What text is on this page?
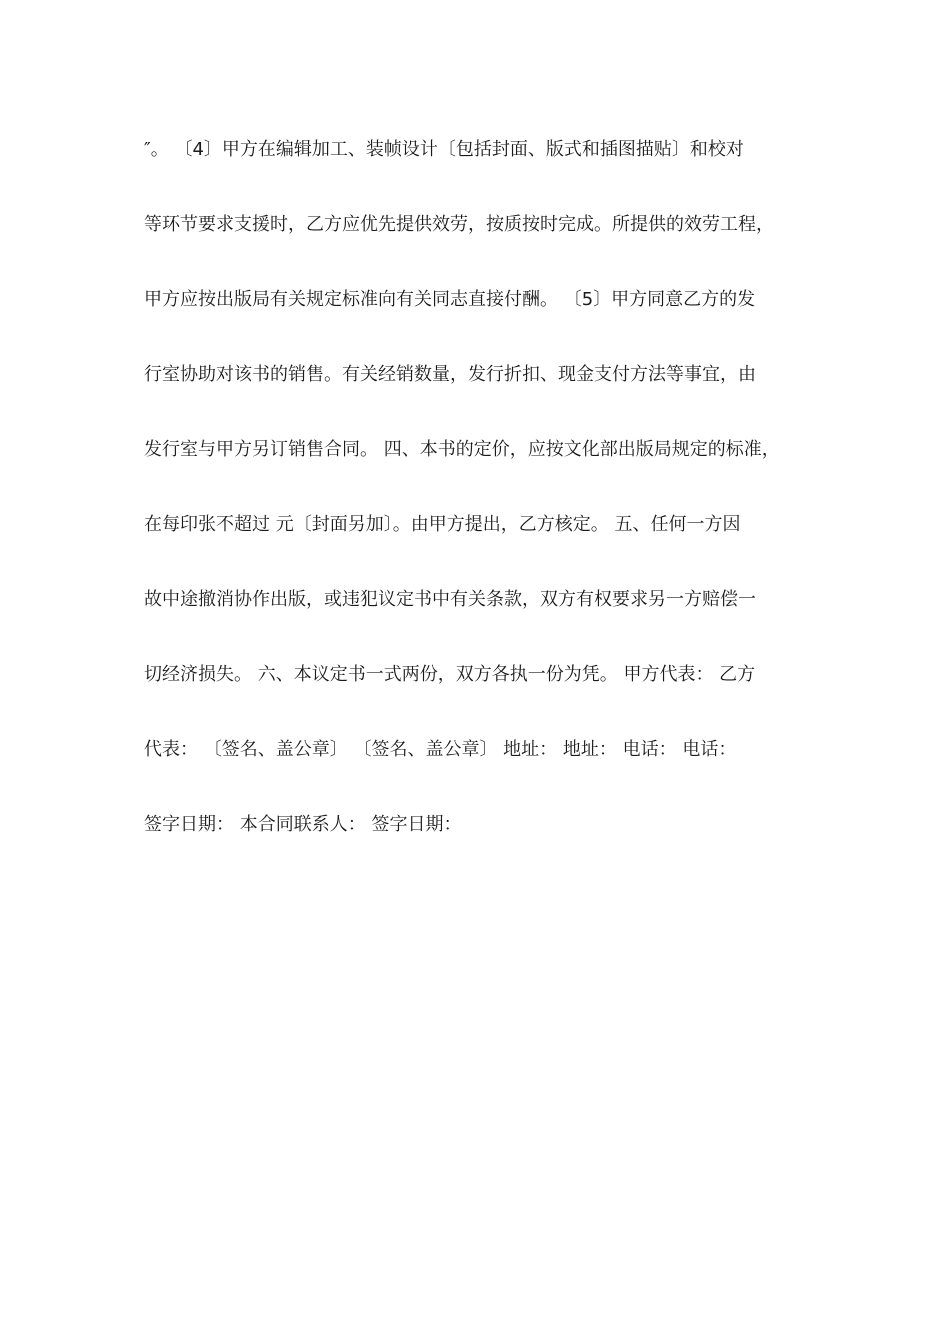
″。 〔4〕甲方在编辑加工、装帧设计〔包括封面、版式和插图描贴〕和校对
等环节要求支援时，乙方应优先提供效劳，按质按时完成。所提供的效劳工程，
甲方应按出版局有关规定标准向有关同志直接付酬。 〔5〕甲方同意乙方的发
行室协助对该书的销售。有关经销数量，发行折扣、现金支付方法等事宜，由
发行室与甲方另订销售合同。 四、本书的定价，应按文化部出版局规定的标准，
在每印张不超过 元〔封面另加〕。由甲方提出，乙方核定。 五、任何一方因
故中途撤消协作出版，或违犯议定书中有关条款，双方有权要求另一方赔偿一
切经济损失。 六、本议定书一式两份，双方各执一份为凭。 甲方代表： 乙方
代表： 〔签名、盖公章〕 〔签名、盖公章〕 地址： 地址： 电话： 电话：
签字日期： 本合同联系人： 签字日期：
